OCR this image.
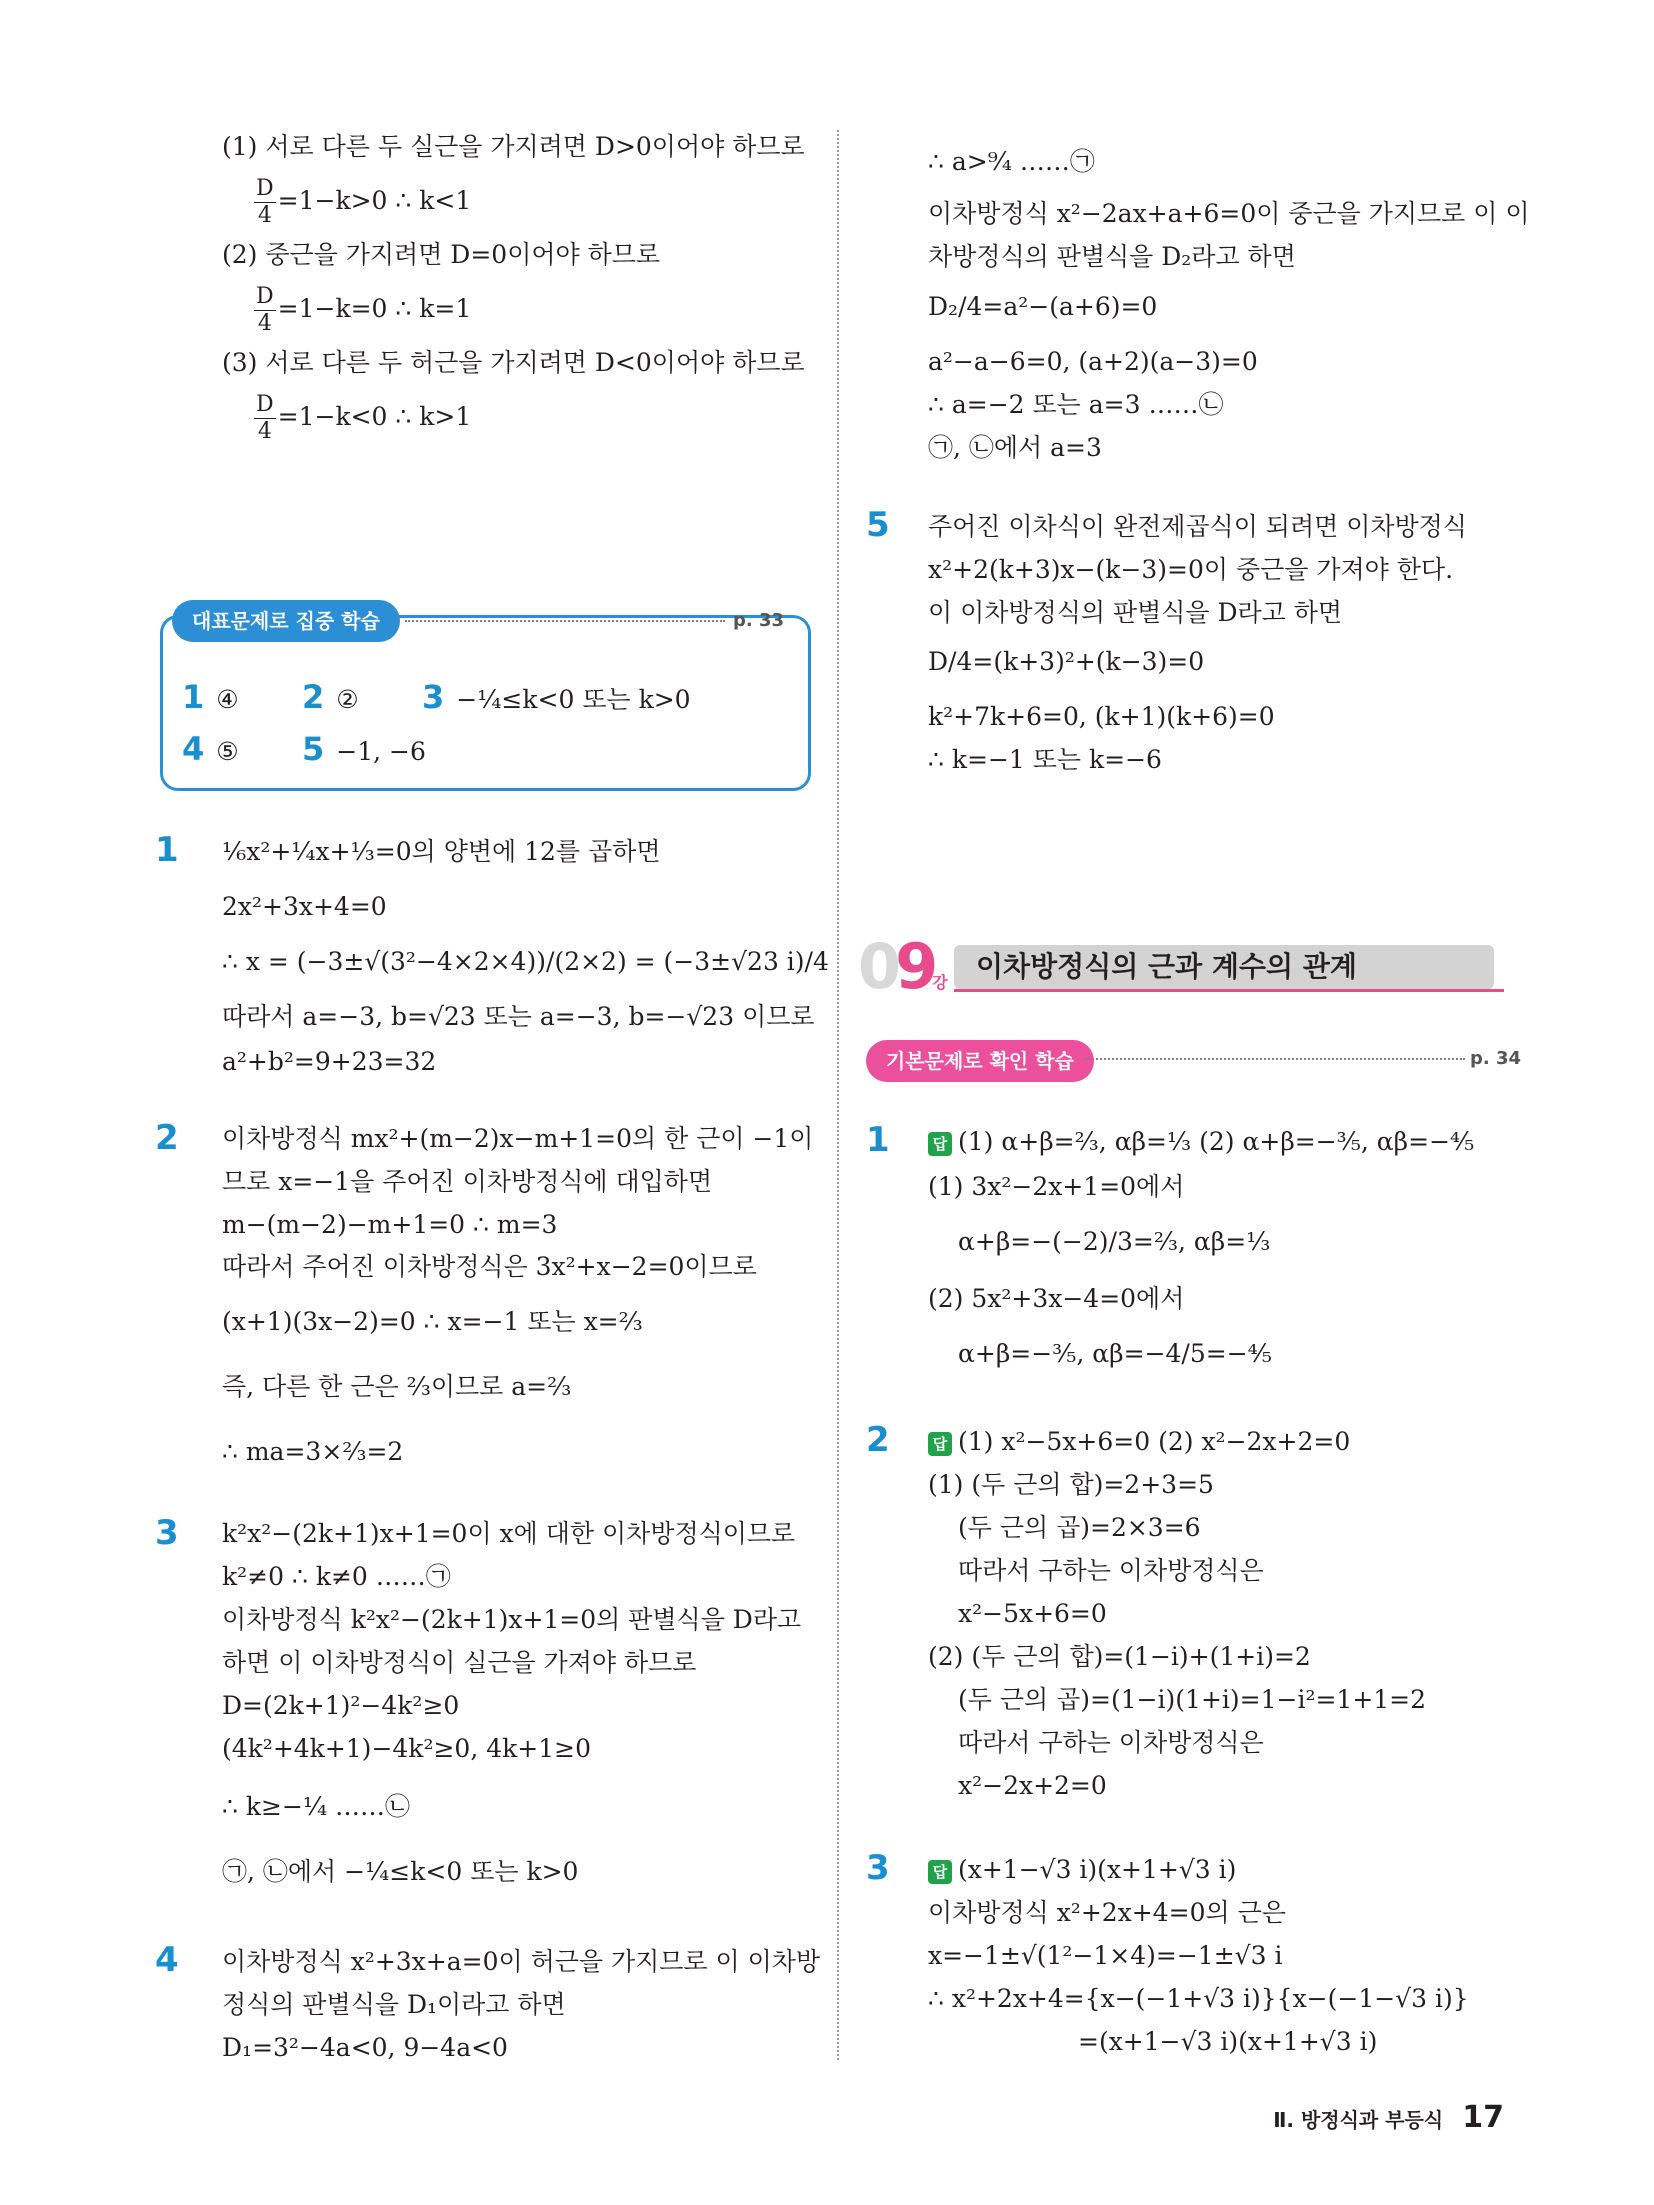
(1) 서로 다른 두 실근을 가지려면 D>0이어야 하므로
$\frac{D}{4} =1-k>0$ ∴ k<1
(2) 중근을 가지려면 D=0이어야 하므로
$\frac{D}{4} =1-k=0$ ∴ k=1
(3) 서로 다른 두 허근을 가지려면 D<0이어야 하므로
$\frac{D}{4} =1-k<0$ ∴ k>1
대표문제로 집중 학습	p. 33
1 ④ 2 ② 3 −¹⁄₄≤k<0 또는 k>0
4 ⑤ 5 −1, −6
1 ¹⁄₆x²+¹⁄₄x+¹⁄₃=0의 양변에 12를 곱하면
2x²+3x+4=0
∴ x = (−3±√(3²−4×2×4))/(2×2) = (−3±√23 i)/4
따라서 a=−3, b=√23 또는 a=−3, b=−√23 이므로
a²+b²=9+23=32
2 이차방정식 mx²+(m−2)x−m+1=0의 한 근이 −1이
므로 x=−1을 주어진 이차방정식에 대입하면
m−(m−2)−m+1=0 ∴ m=3
따라서 주어진 이차방정식은 3x²+x−2=0이므로
(x+1)(3x−2)=0 ∴ x=−1 또는 x=²⁄₃
즉, 다른 한 근은 ²⁄₃이므로 a=²⁄₃
∴ ma=3×²⁄₃=2
3 k²x²−(2k+1)x+1=0이 x에 대한 이차방정식이므로
k²≠0 ∴ k≠0 ……㉠
이차방정식 k²x²−(2k+1)x+1=0의 판별식을 D라고
하면 이 이차방정식이 실근을 가져야 하므로
D=(2k+1)²−4k²≥0
(4k²+4k+1)−4k²≥0, 4k+1≥0
∴ k≥−¹⁄₄ ……㉡
㉠, ㉡에서 −¹⁄₄≤k<0 또는 k>0
4 이차방정식 x²+3x+a=0이 허근을 가지므로 이 이차방
정식의 판별식을 D₁이라고 하면
D₁=3²−4a<0, 9−4a<0
∴ a>⁹⁄₄ ……㉠
이차방정식 x²−2ax+a+6=0이 중근을 가지므로 이 이
차방정식의 판별식을 D₂라고 하면
D₂/4=a²−(a+6)=0
a²−a−6=0, (a+2)(a−3)=0
∴ a=−2 또는 a=3 ……㉡
㉠, ㉡에서 a=3
5 주어진 이차식이 완전제곱식이 되려면 이차방정식
x²+2(k+3)x−(k−3)=0이 중근을 가져야 한다.
이 이차방정식의 판별식을 D라고 하면
D/4=(k+3)²+(k−3)=0
k²+7k+6=0, (k+1)(k+6)=0
∴ k=−1 또는 k=−6
09강	이차방정식의 근과 계수의 관계
기본문제로 확인 학습	p. 34
1	답 (1) α+β=²⁄₃, αβ=¹⁄₃ (2) α+β=−³⁄₅, αβ=−⁴⁄₅
(1) 3x²−2x+1=0에서
α+β=−(−2)/3=²⁄₃, αβ=¹⁄₃
(2) 5x²+3x−4=0에서
α+β=−³⁄₅, αβ=−4/5=−⁴⁄₅
2	답 (1) x²−5x+6=0 (2) x²−2x+2=0
(1) (두 근의 합)=2+3=5
(두 근의 곱)=2×3=6
따라서 구하는 이차방정식은
x²−5x+6=0
(2) (두 근의 합)=(1−i)+(1+i)=2
(두 근의 곱)=(1−i)(1+i)=1−i²=1+1=2
따라서 구하는 이차방정식은
x²−2x+2=0
3	답 (x+1−√3 i)(x+1+√3 i)
이차방정식 x²+2x+4=0의 근은
x=−1±√(1²−1×4)=−1±√3 i
∴ x²+2x+4={x−(−1+√3 i)}{x−(−1−√3 i)}
=(x+1−√3 i)(x+1+√3 i)
Ⅱ. 방정식과 부등식 17
